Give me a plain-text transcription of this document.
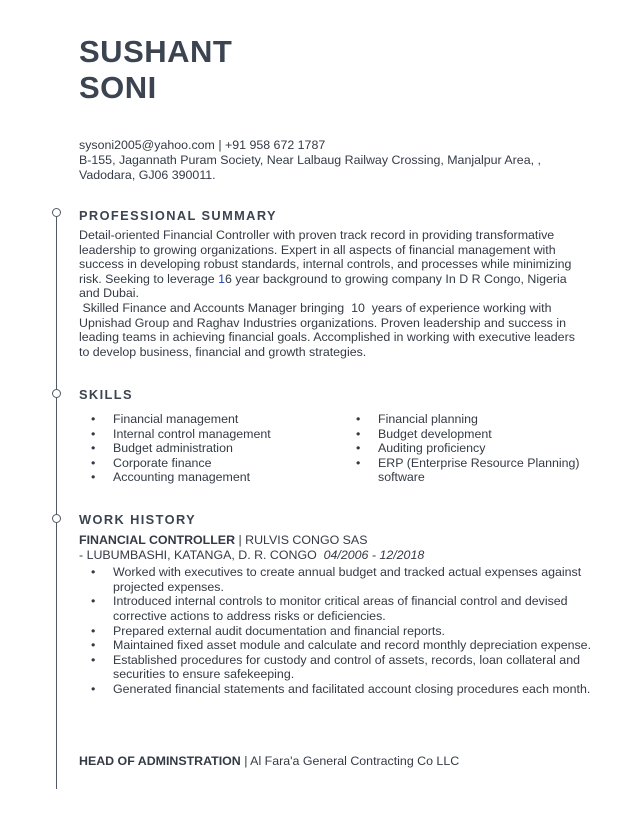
SUSHANT
SONI
sysoni2005@yahoo.com | +91 958 672 1787
B-155, Jagannath Puram Society, Near Lalbaug Railway Crossing, Manjalpur Area, ,
Vadodara, GJ06 390011.
PROFESSIONAL SUMMARY

Detail-oriented Financial Controller with proven track record in providing transformative

leadership to growing organizations. Expert in all aspects of financial management with

success in developing robust standards, internal controls, and processes while minimizing

risk. Seeking to leverage 16 year background to growing company In D R Congo, Nigeria

and Dubai.

Skilled Finance and Accounts Manager bringing  10  years of experience working with

Upnishad Group and Raghav Industries organizations. Proven leadership and success in

leading teams in achieving financial goals. Accomplished in working with executive leaders

to develop business, financial and growth strategies.

SKILLS
• Financial management
• Internal control management
• Budget administration
• Corporate finance
• Accounting management
• Financial planning
• Budget development
• Auditing proficiency
• ERP (Enterprise Resource Planning)
software
WORK HISTORY
FINANCIAL CONTROLLER | RULVIS CONGO SAS
- LUBUMBASHI, KATANGA, D. R. CONGO  04/2006 - 12/2018
• Worked with executives to create annual budget and tracked actual expenses against projected expenses.
• Introduced internal controls to monitor critical areas of financial control and devised corrective actions to address risks or deficiencies.
• Prepared external audit documentation and financial reports.
• Maintained fixed asset module and calculate and record monthly depreciation expense.
• Established procedures for custody and control of assets, records, loan collateral and securities to ensure safekeeping.
• Generated financial statements and facilitated account closing procedures each month.
HEAD OF ADMINSTRATION | Al Fara'a General Contracting Co LLC
